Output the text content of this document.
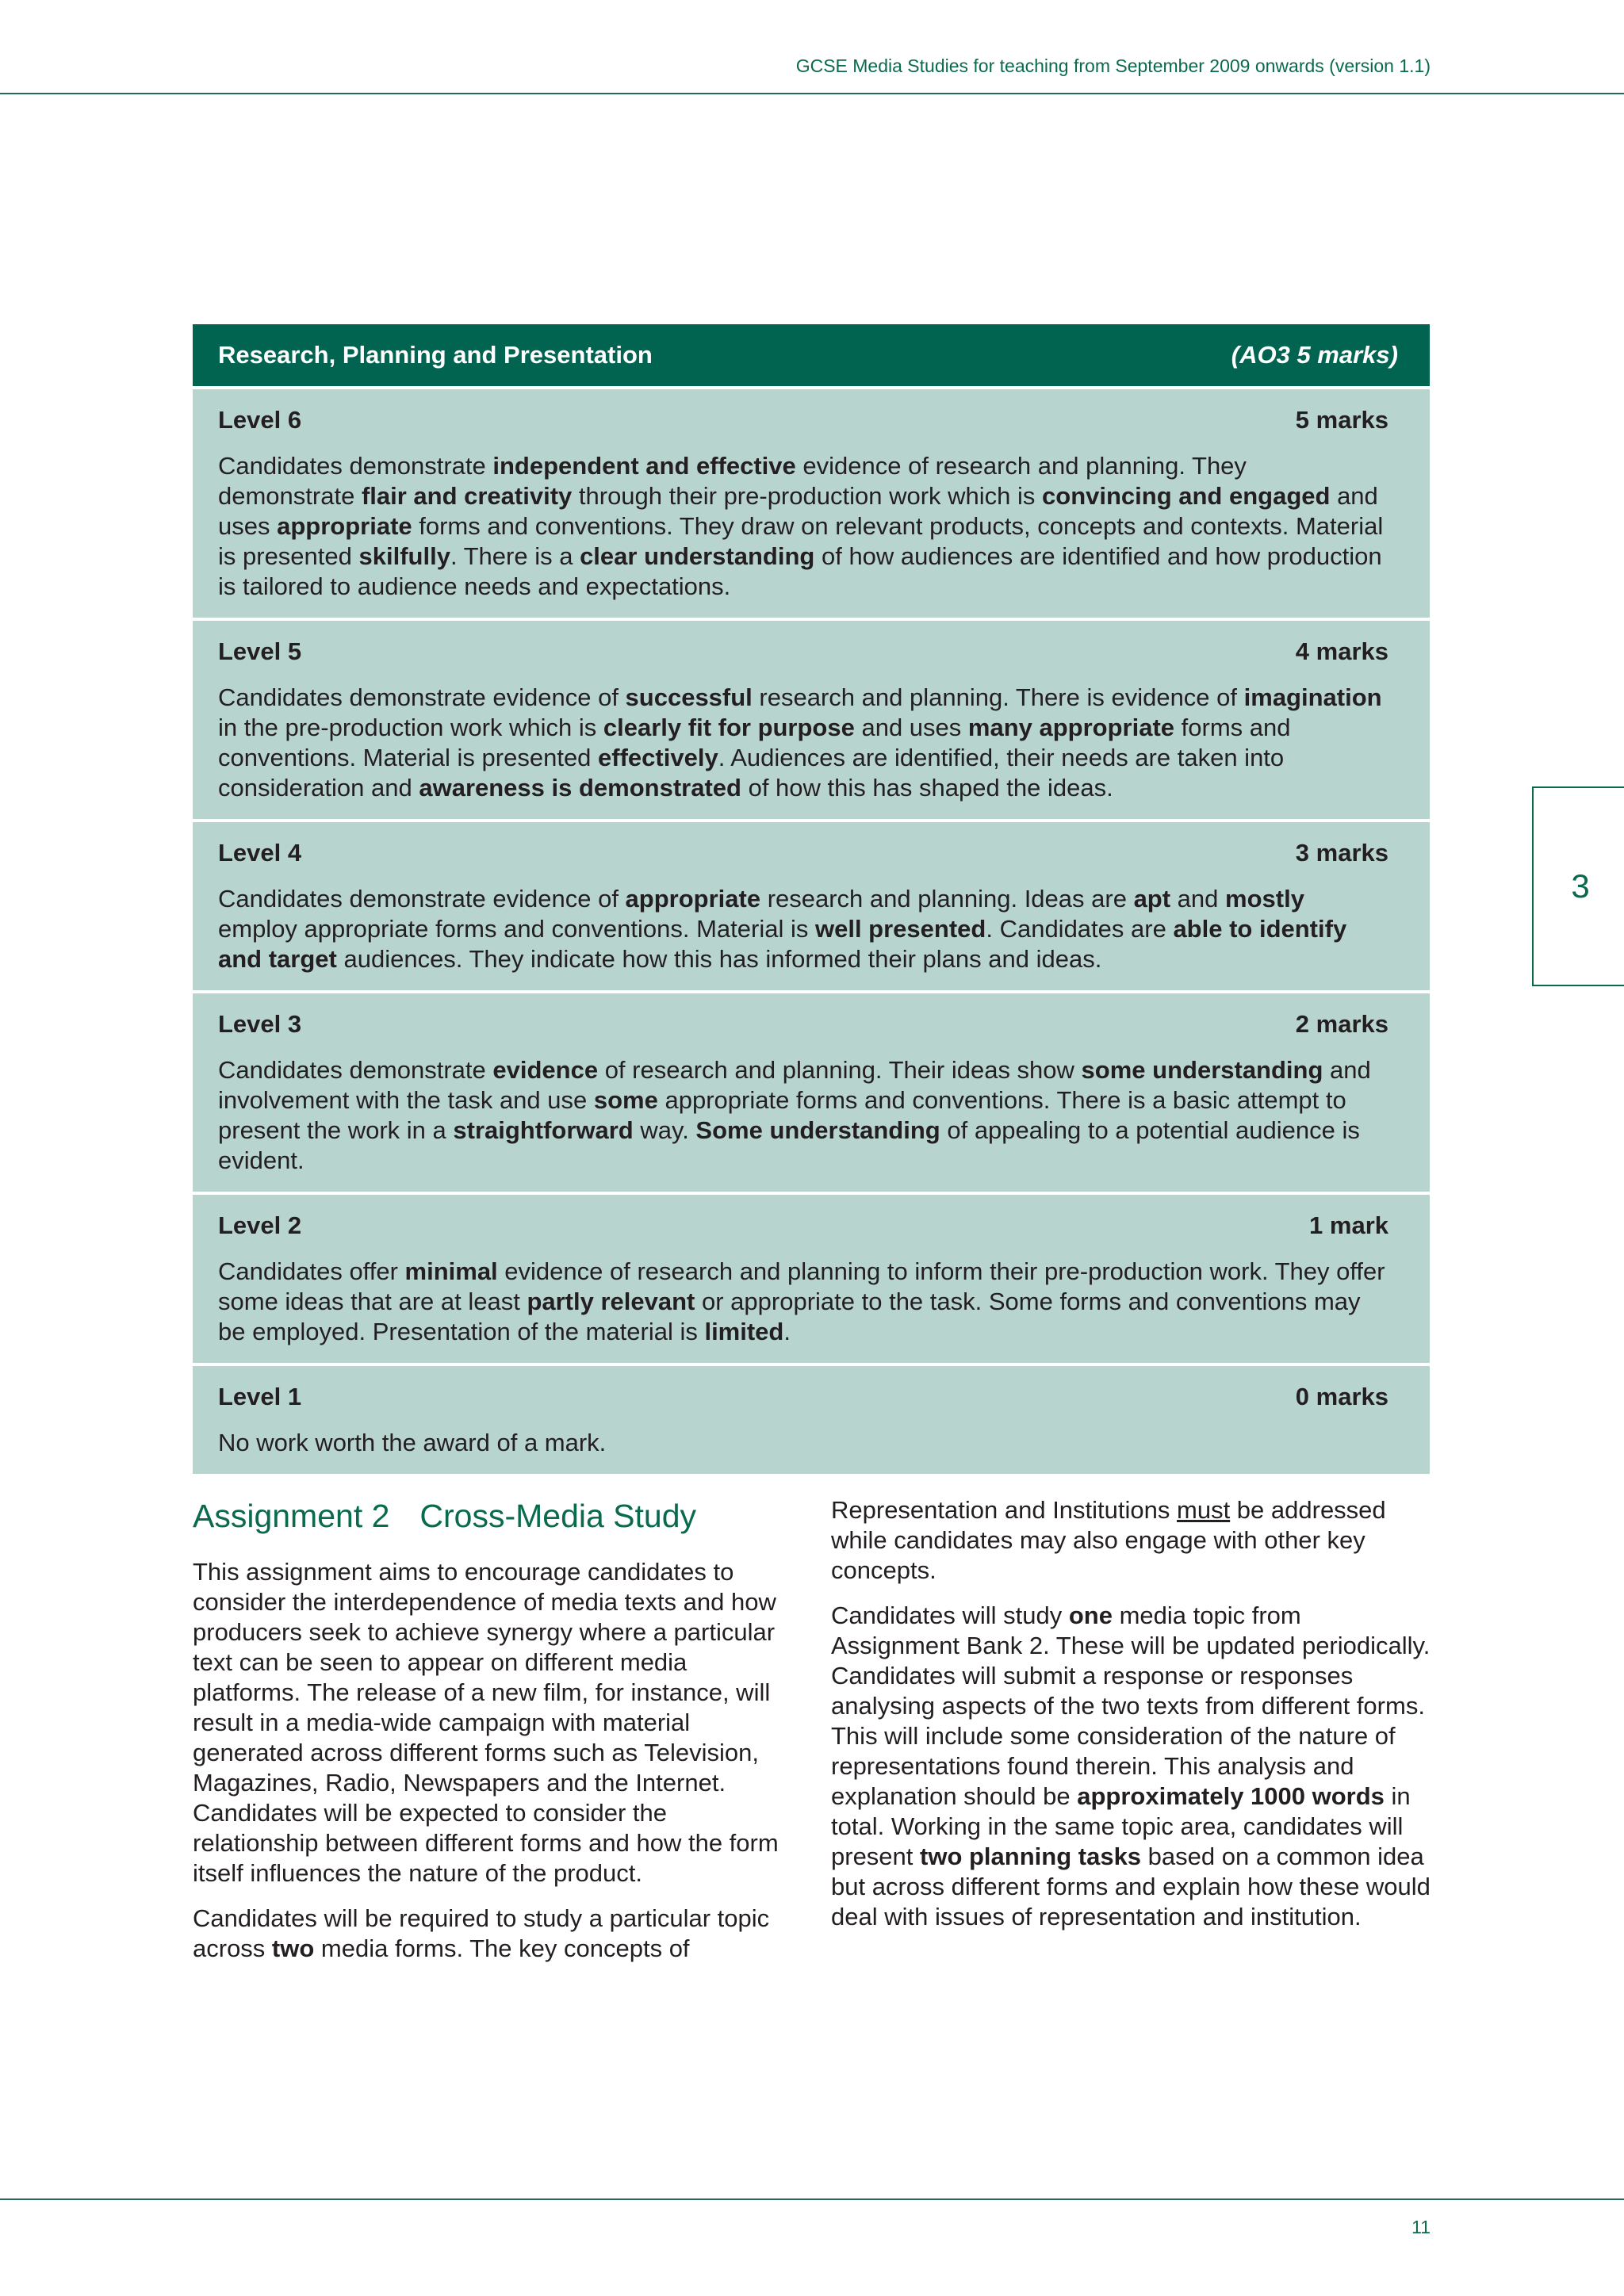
GCSE Media Studies for teaching from September 2009 onwards (version 1.1)
3
Research, Planning and Presentation	(AO3 5 marks)
Level 6	5 marks
Candidates demonstrate independent and effective evidence of research and planning. They demonstrate flair and creativity through their pre-production work which is convincing and engaged and uses appropriate forms and conventions. They draw on relevant products, concepts and contexts. Material is presented skilfully. There is a clear understanding of how audiences are identified and how production is tailored to audience needs and expectations.
Level 5	4 marks
Candidates demonstrate evidence of successful research and planning. There is evidence of imagination in the pre-production work which is clearly fit for purpose and uses many appropriate forms and conventions. Material is presented effectively. Audiences are identified, their needs are taken into consideration and awareness is demonstrated of how this has shaped the ideas.
Level 4	3 marks
Candidates demonstrate evidence of appropriate research and planning. Ideas are apt and mostly employ appropriate forms and conventions. Material is well presented. Candidates are able to identify and target audiences. They indicate how this has informed their plans and ideas.
Level 3	2 marks
Candidates demonstrate evidence of research and planning. Their ideas show some understanding and involvement with the task and use some appropriate forms and conventions. There is a basic attempt to present the work in a straightforward way. Some understanding of appealing to a potential audience is evident.
Level 2	1 mark
Candidates offer minimal evidence of research and planning to inform their pre-production work. They offer some ideas that are at least partly relevant or appropriate to the task. Some forms and conventions may be employed. Presentation of the material is limited.
Level 1	0 marks
No work worth the award of a mark.
Assignment 2 Cross-Media Study

This assignment aims to encourage candidates to consider the interdependence of media texts and how producers seek to achieve synergy where a particular text can be seen to appear on different media platforms. The release of a new film, for instance, will result in a media-wide campaign with material generated across different forms such as Television, Magazines, Radio, Newspapers and the Internet. Candidates will be expected to consider the relationship between different forms and how the form itself influences the nature of the product.

Candidates will be required to study a particular topic across two media forms. The key concepts of

Representation and Institutions must be addressed while candidates may also engage with other key concepts.

Candidates will study one media topic from Assignment Bank 2. These will be updated periodically. Candidates will submit a response or responses analysing aspects of the two texts from different forms. This will include some consideration of the nature of representations found therein. This analysis and explanation should be approximately 1000 words in total. Working in the same topic area, candidates will present two planning tasks based on a common idea but across different forms and explain how these would deal with issues of representation and institution.

11
